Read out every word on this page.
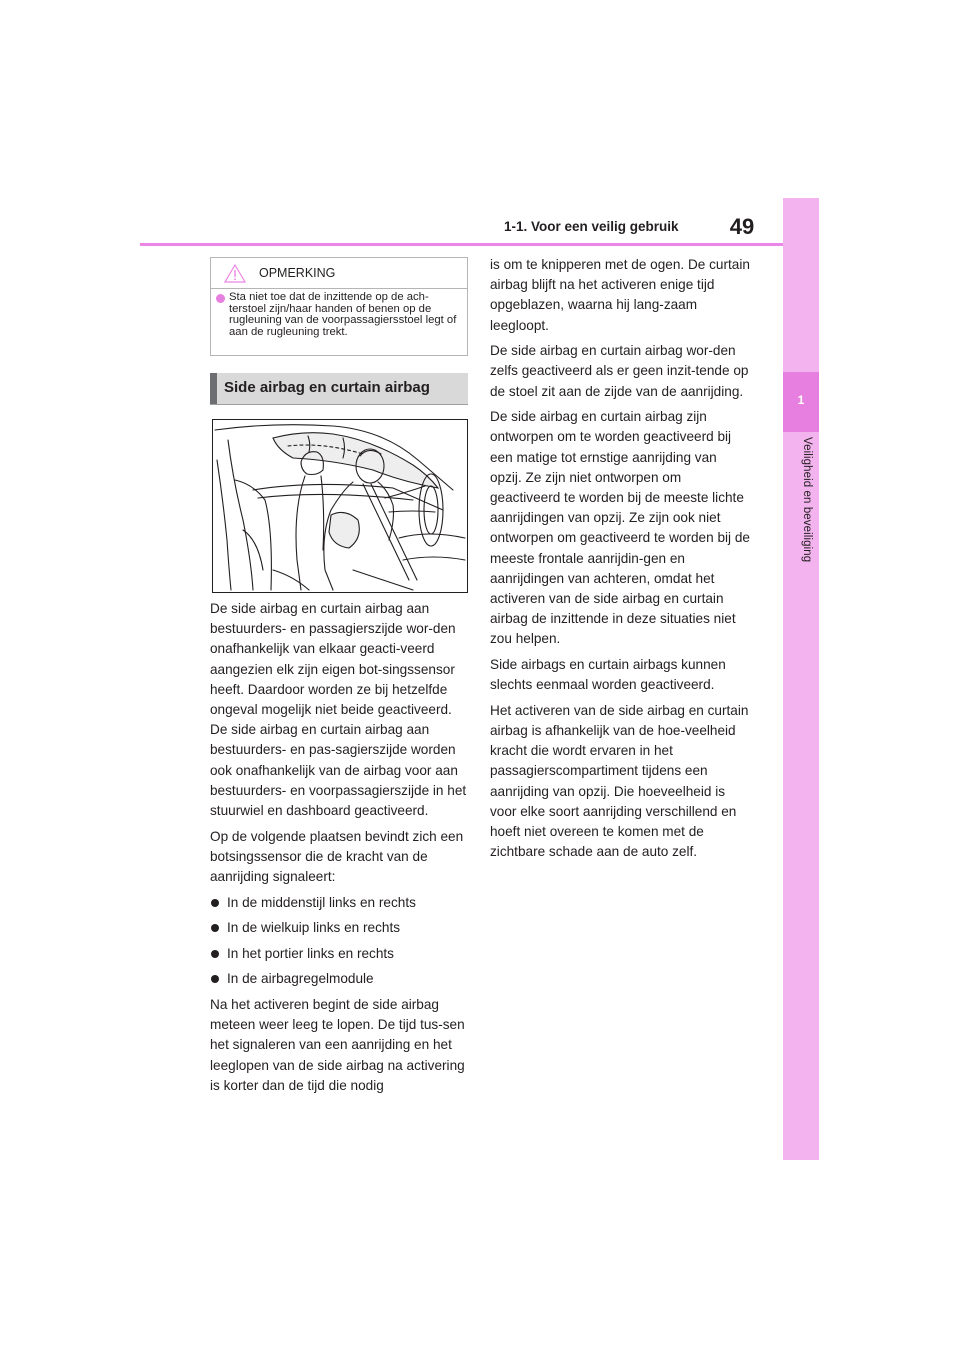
1-1. Voor een veilig gebruik	49
1
Veiligheid en beveiliging
OPMERKING
Sta niet toe dat de inzittende op de ach-terstoel zijn/haar handen of benen op de rugleuning van de voorpassagiersstoel legt of aan de rugleuning trekt.
Side airbag en curtain airbag

De side airbag en curtain airbag aan bestuurders- en passagierszijde wor-den onafhankelijk van elkaar geacti-veerd aangezien elk zijn eigen bot-singssensor heeft. Daardoor worden ze bij hetzelfde ongeval mogelijk niet beide geactiveerd. De side airbag en curtain airbag aan bestuurders- en pas-sagierszijde worden ook onafhankelijk van de airbag voor aan bestuurders- en voorpassagierszijde in het stuurwiel en dashboard geactiveerd.

Op de volgende plaatsen bevindt zich een botsingssensor die de kracht van de aanrijding signaleert:

In de middenstijl links en rechts
In de wielkuip links en rechts
In het portier links en rechts
In de airbagregelmodule

Na het activeren begint de side airbag meteen weer leeg te lopen. De tijd tus-sen het signaleren van een aanrijding en het leeglopen van de side airbag na activering is korter dan de tijd die nodig

is om te knipperen met de ogen. De curtain airbag blijft na het activeren enige tijd opgeblazen, waarna hij lang-zaam leegloopt.

De side airbag en curtain airbag wor-den zelfs geactiveerd als er geen inzit-tende op de stoel zit aan de zijde van de aanrijding.

De side airbag en curtain airbag zijn ontworpen om te worden geactiveerd bij een matige tot ernstige aanrijding van opzij. Ze zijn niet ontworpen om geactiveerd te worden bij de meeste lichte aanrijdingen van opzij. Ze zijn ook niet ontworpen om geactiveerd te worden bij de meeste frontale aanrijdin-gen en aanrijdingen van achteren, omdat het activeren van de side airbag en curtain airbag de inzittende in deze situaties niet zou helpen.

Side airbags en curtain airbags kunnen slechts eenmaal worden geactiveerd.

Het activeren van de side airbag en curtain airbag is afhankelijk van de hoe-veelheid kracht die wordt ervaren in het passagierscompartiment tijdens een aanrijding van opzij. Die hoeveelheid is voor elke soort aanrijding verschillend en hoeft niet overeen te komen met de zichtbare schade aan de auto zelf.
